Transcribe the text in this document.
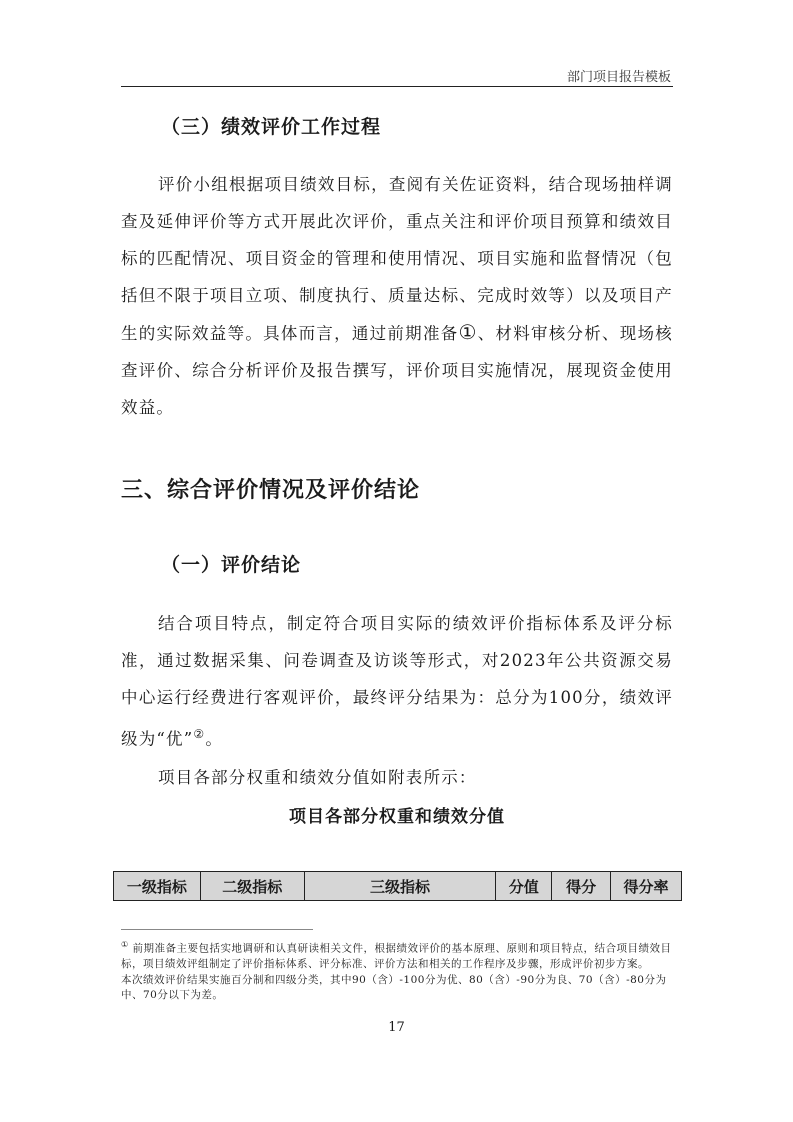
部门项目报告模板
（三）绩效评价工作过程

评价小组根据项目绩效目标，查阅有关佐证资料，结合现场抽样调查及延伸评价等方式开展此次评价，重点关注和评价项目预算和绩效目标的匹配情况、项目资金的管理和使用情况、项目实施和监督情况（包括但不限于项目立项、制度执行、质量达标、完成时效等）以及项目产生的实际效益等。具体而言，通过前期准备①、材料审核分析、现场核查评价、综合分析评价及报告撰写，评价项目实施情况，展现资金使用效益。

三、综合评价情况及评价结论
（一）评价结论

结合项目特点，制定符合项目实际的绩效评价指标体系及评分标准，通过数据采集、问卷调查及访谈等形式，对2023年公共资源交易中心运行经费进行客观评价，最终评分结果为：总分为100分，绩效评级为“优”②。

项目各部分权重和绩效分值如附表所示：
项目各部分权重和绩效分值
一级指标	二级指标	三级指标	分值	得分	得分率

① 前期准备主要包括实地调研和认真研读相关文件，根据绩效评价的基本原理、原则和项目特点，结合项目绩效目标，项目绩效评组制定了评价指标体系、评分标准、评价方法和相关的工作程序及步骤，形成评价初步方案。

本次绩效评价结果实施百分制和四级分类，其中90（含）-100分为优、80（含）-90分为良、70（含）-80分为中、70分以下为差。

17
